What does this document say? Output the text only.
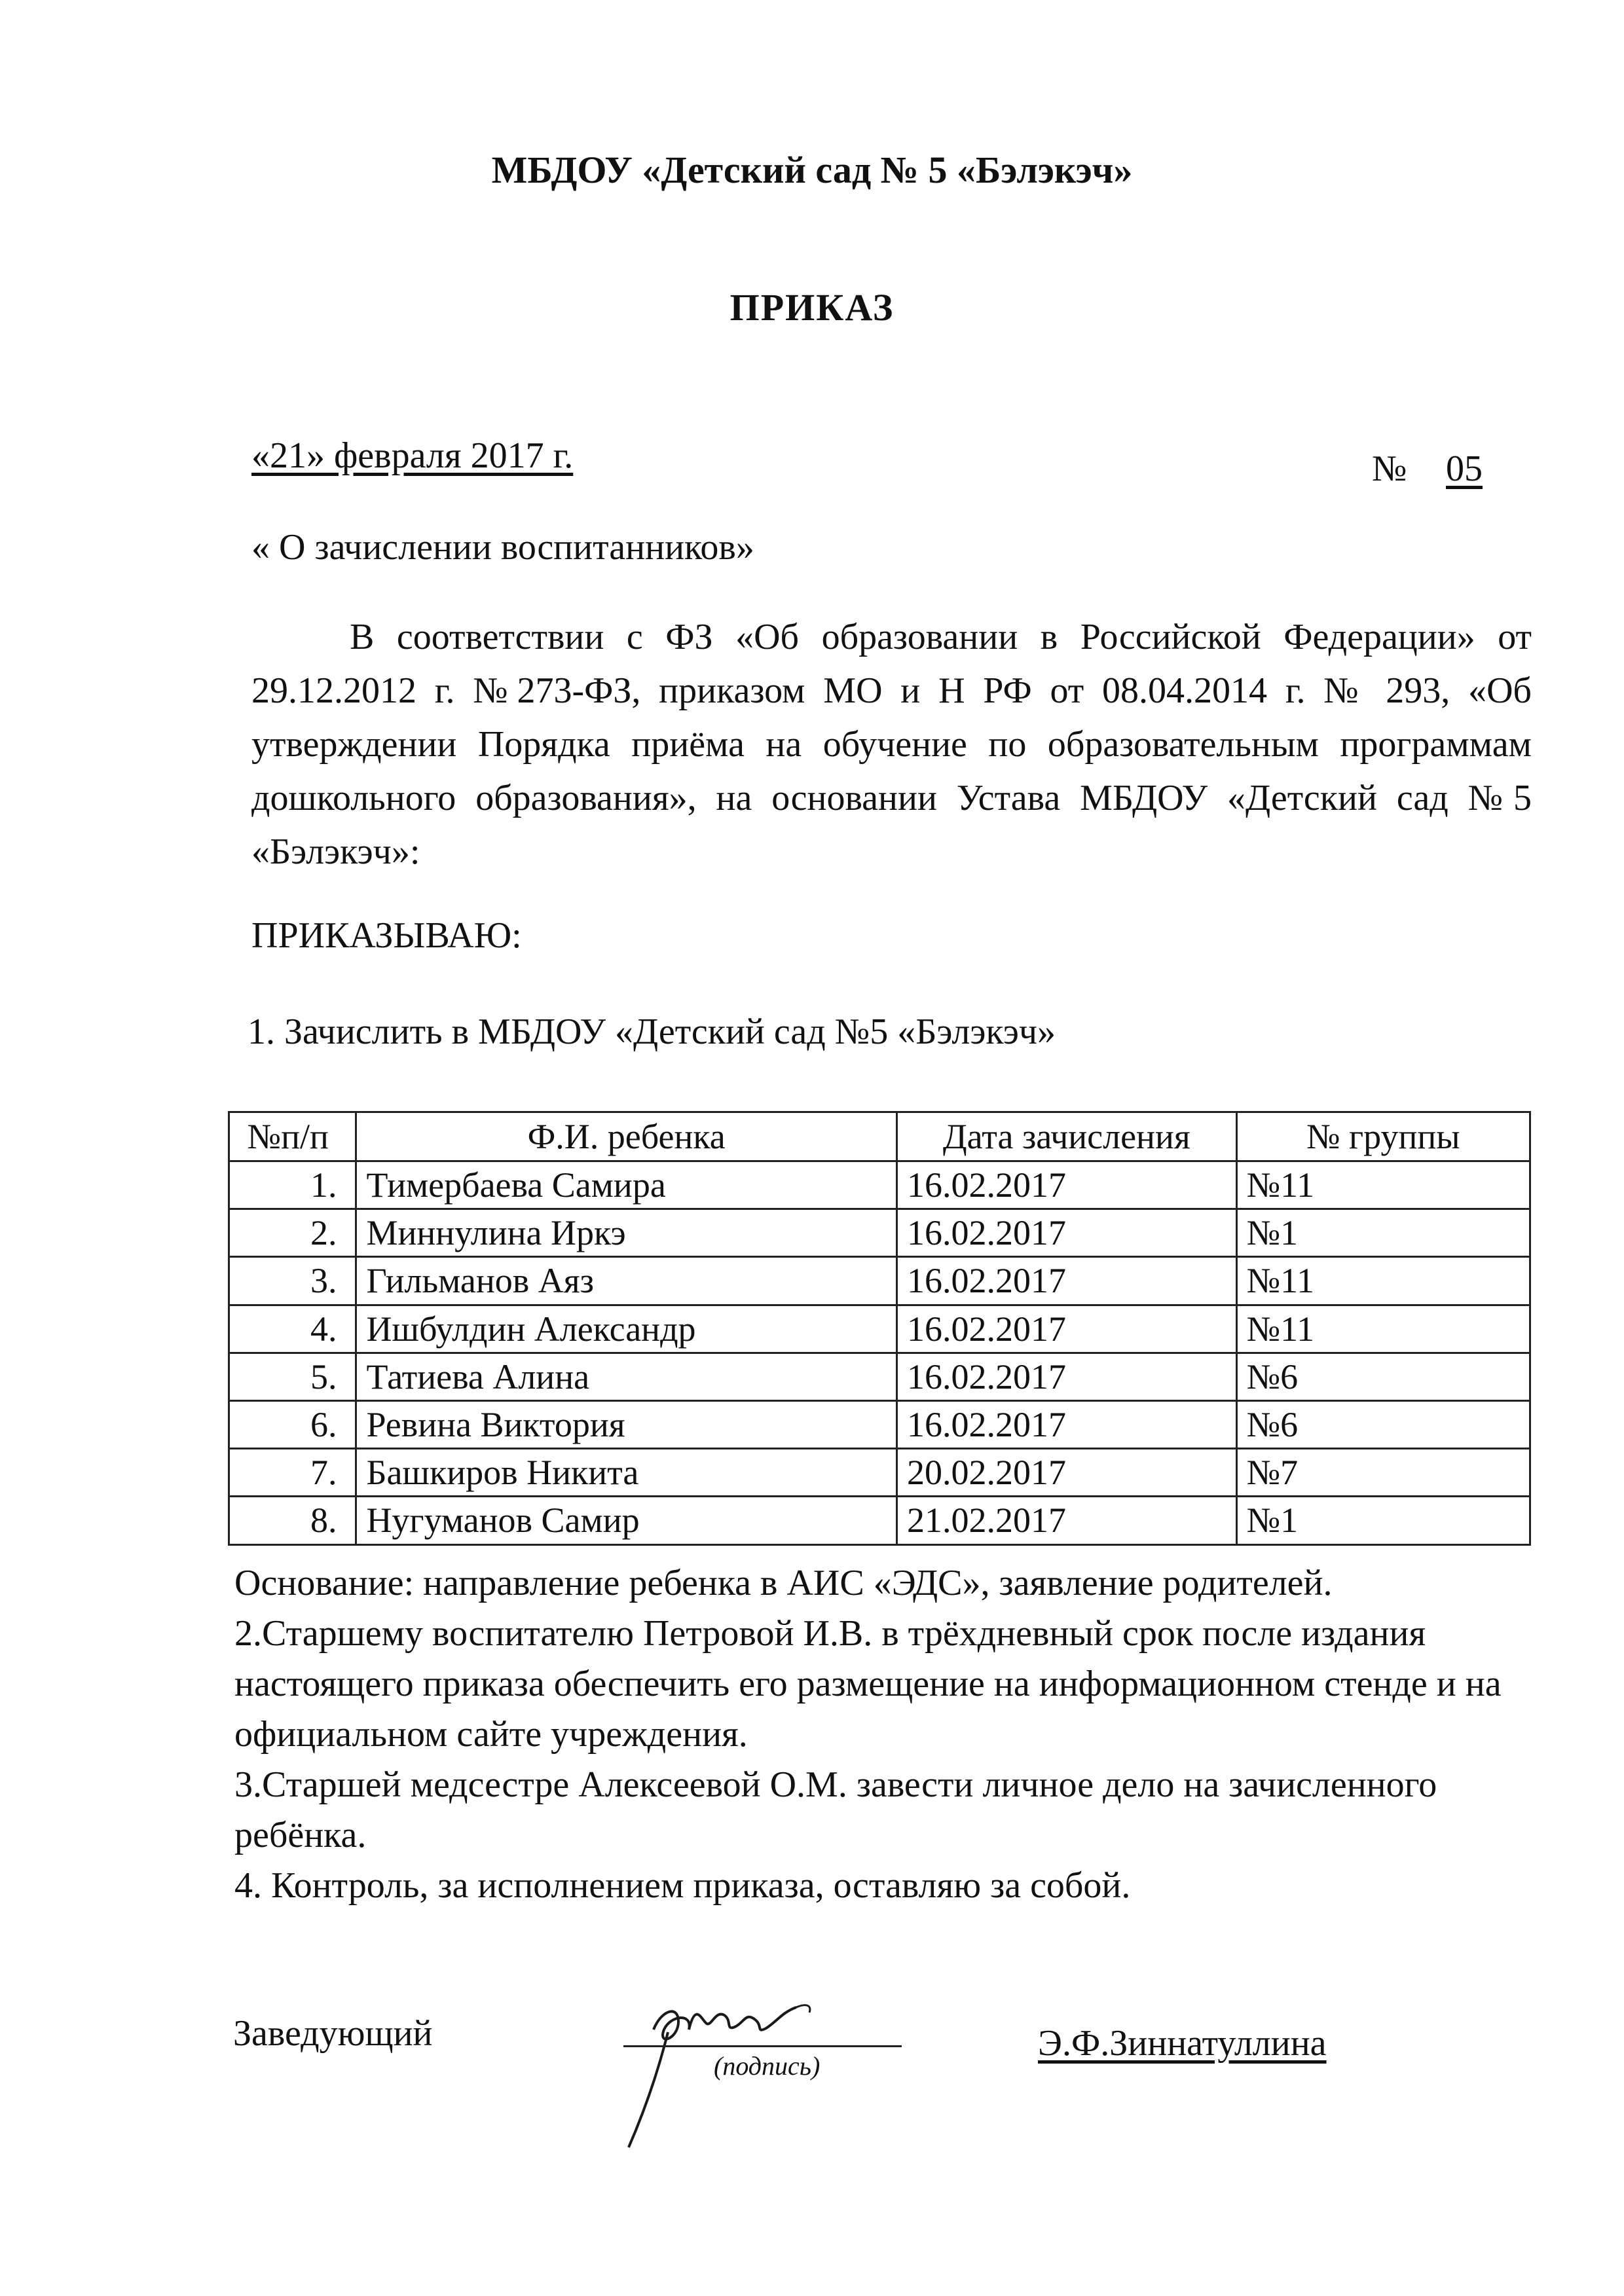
МБДОУ «Детский сад № 5 «Бэлэкэч»
ПРИКАЗ
«21» февраля 2017 г.	№	05
« О зачислении воспитанников»
В соответствии с ФЗ «Об образовании в Российской Федерации» от 29.12.2012 г. №273-ФЗ, приказом МО и Н РФ от 08.04.2014 г. № 293, «Об утверждении Порядка приёма на обучение по образовательным программам дошкольного образования», на основании Устава МБДОУ «Детский сад №5 «Бэлэкэч»:
ПРИКАЗЫВАЮ:
1. Зачислить в МБДОУ «Детский сад №5 «Бэлэкэч»
№п/п	Ф.И. ребенка	Дата зачисления	№ группы
1.	Тимербаева Самира	16.02.2017	№11
2.	Миннулина Иркэ	16.02.2017	№1
3.	Гильманов Аяз	16.02.2017	№11
4.	Ишбулдин Александр	16.02.2017	№11
5.	Татиева Алина	16.02.2017	№6
6.	Ревина Виктория	16.02.2017	№6
7.	Башкиров Никита	20.02.2017	№7
8.	Нугуманов Самир	21.02.2017	№1
Основание: направление ребенка в АИС «ЭДС», заявление родителей.
2.Старшему воспитателю Петровой И.В. в трёхдневный срок после издания настоящего приказа обеспечить его размещение на информационном стенде и на официальном сайте учреждения.
3.Старшей медсестре Алексеевой О.М. завести личное дело на зачисленного ребёнка.
4. Контроль, за исполнением приказа, оставляю за собой.
Заведующий
(подпись)
Э.Ф.Зиннатуллина
